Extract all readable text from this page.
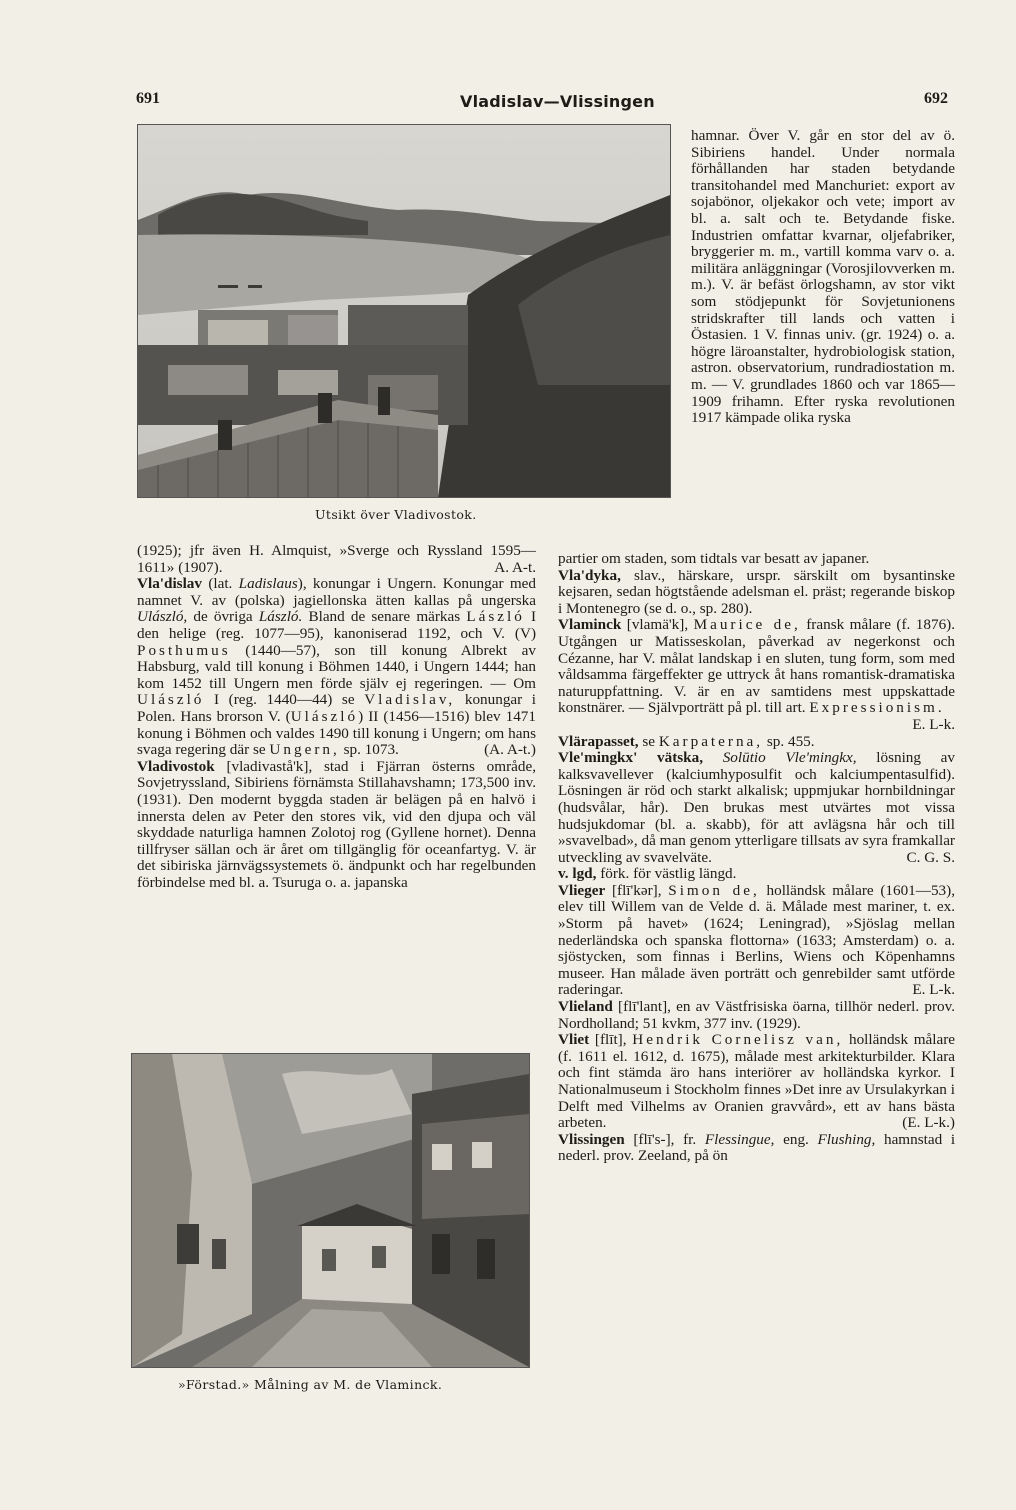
691	Vladislav—Vlissingen	692
Utsikt över Vladivostok.
»Förstad.» Målning av M. de Vlaminck.

(1925); jfr även H. Almquist, »Sverge och Ryssland 1595—1611» (1907).	A. A-t.

Vla'dislav (lat. Ladislaus), konungar i Ungern. Konungar med namnet V. av (polska) jagiellonska ätten kallas på ungerska Ulászló, de övriga László. Bland de senare märkas László I den helige (reg. 1077—95), kanoniserad 1192, och V. (V) Posthumus (1440—57), son till konung Albrekt av Habsburg, vald till konung i Böhmen 1440, i Ungern 1444; han kom 1452 till Ungern men förde själv ej regeringen. — Om Ulászló I (reg. 1440—44) se Vladislav, konungar i Polen. Hans brorson V. (Ulászló) II (1456—1516) blev 1471 konung i Böhmen och valdes 1490 till konung i Ungern; om hans svaga regering där se Ungern, sp. 1073.	(A. A-t.)

Vladivostok [vladivastå'k], stad i Fjärran österns område, Sovjetryssland, Sibiriens förnämsta Stillahavshamn; 173,500 inv. (1931). Den modernt byggda staden är belägen på en halvö i innersta delen av Peter den stores vik, vid den djupa och väl skyddade naturliga hamnen Zolotoj rog (Gyllene hornet). Denna tillfryser sällan och är året om tillgänglig för oceanfartyg. V. är det sibiriska järnvägssystemets ö. ändpunkt och har regelbunden förbindelse med bl. a. Tsuruga o. a. japanska

hamnar. Över V. går en stor del av ö. Sibiriens handel. Under normala förhållanden har staden betydande transitohandel med Manchuriet: export av sojabönor, oljekakor och vete; import av bl. a. salt och te. Betydande fiske. Industrien omfattar kvarnar, oljefabriker, bryggerier m. m., vartill komma varv o. a. militära anläggningar (Vorosjilovverken m. m.). V. är befäst örlogshamn, av stor vikt som stödjepunkt för Sovjetunionens stridskrafter till lands och vatten i Östasien. 1 V. finnas univ. (gr. 1924) o. a. högre läroanstalter, hydrobiologisk station, astron. observatorium, rundradiostation m. m. — V. grundlades 1860 och var 1865—1909 frihamn. Efter ryska revolutionen 1917 kämpade olika ryska

partier om staden, som tidtals var besatt av japaner.

Vla'dyka, slav., härskare, urspr. särskilt om bysantinske kejsaren, sedan högtstående adelsman el. präst; regerande biskop i Montenegro (se d. o., sp. 280).

Vlaminck [vlamä'k], Maurice de, fransk målare (f. 1876). Utgången ur Matisseskolan, påverkad av negerkonst och Cézanne, har V. målat landskap i en sluten, tung form, som med våldsamma färgeffekter ge uttryck åt hans romantisk-dramatiska naturuppfattning. V. är en av samtidens mest uppskattade konstnärer. — Självporträtt på pl. till art. Expressionism.
E. L-k.

Vlärapasset, se Karpaterna, sp. 455.

Vle'mingkx' vätska, Solūtio Vle'mingkx, lösning av kalksvavellever (kalciumhyposulfit och kalciumpentasulfid). Lösningen är röd och starkt alkalisk; uppmjukar hornbildningar (hudsvålar, hår). Den brukas mest utvärtes mot vissa hudsjukdomar (bl. a. skabb), för att avlägsna hår och till »svavelbad», då man genom ytterligare tillsats av syra framkallar utveckling av svavelväte.	C. G. S.

v. lgd, förk. för västlig längd.

Vlieger [flī'kər], Simon de, holländsk målare (1601—53), elev till Willem van de Velde d. ä. Målade mest mariner, t. ex. »Storm på havet» (1624; Leningrad), »Sjöslag mellan nederländska och spanska flottorna» (1633; Amsterdam) o. a. sjöstycken, som finnas i Berlins, Wiens och Köpenhamns museer. Han målade även porträtt och genrebilder samt utförde raderingar.	E. L-k.

Vlieland [flī'lant], en av Västfrisiska öarna, tillhör nederl. prov. Nordholland; 51 kvkm, 377 inv. (1929).

Vliet [flīt], Hendrik Cornelisz van, holländsk målare (f. 1611 el. 1612, d. 1675), målade mest arkitekturbilder. Klara och fint stämda äro hans interiörer av holländska kyrkor. I Nationalmuseum i Stockholm finnes »Det inre av Ursulakyrkan i Delft med Vilhelms av Oranien gravvård», ett av hans bästa arbeten.	(E. L-k.)

Vlissingen [flī's-], fr. Flessingue, eng. Flushing, hamnstad i nederl. prov. Zeeland, på ön
